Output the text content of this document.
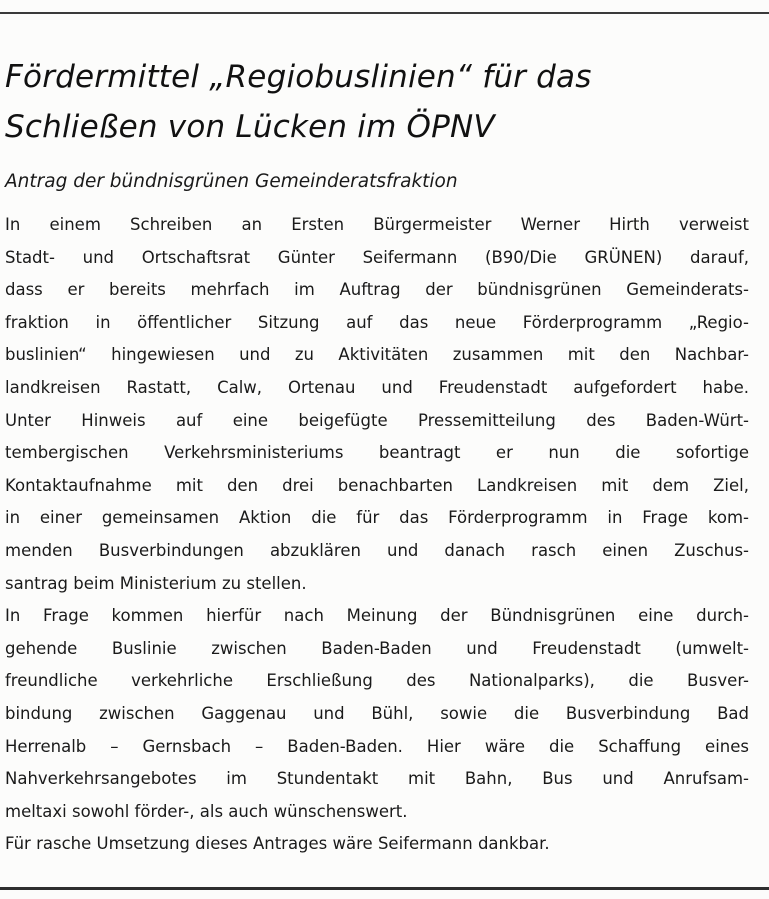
Fördermittel „Regiobuslinien“ für das
Schließen von Lücken im ÖPNV
Antrag der bündnisgrünen Gemeinderatsfraktion

In einem Schreiben an Ersten Bürgermeister Werner Hirth verweist
Stadt- und Ortschaftsrat Günter Seifermann (B90/Die GRÜNEN) darauf,
dass er bereits mehrfach im Auftrag der bündnisgrünen Gemeinderats-
fraktion in öffentlicher Sitzung auf das neue Förderprogramm „Regio-
buslinien“ hingewiesen und zu Aktivitäten zusammen mit den Nachbar-
landkreisen Rastatt, Calw, Ortenau und Freudenstadt aufgefordert habe.
Unter Hinweis auf eine beigefügte Pressemitteilung des Baden-Würt-
tembergischen Verkehrsministeriums beantragt er nun die sofortige
Kontaktaufnahme mit den drei benachbarten Landkreisen mit dem Ziel,
in einer gemeinsamen Aktion die für das Förderprogramm in Frage kom-
menden Busverbindungen abzuklären und danach rasch einen Zuschus-
santrag beim Ministerium zu stellen.

In Frage kommen hierfür nach Meinung der Bündnisgrünen eine durch-
gehende Buslinie zwischen Baden-Baden und Freudenstadt (umwelt-
freundliche verkehrliche Erschließung des Nationalparks), die Busver-
bindung zwischen Gaggenau und Bühl, sowie die Busverbindung Bad
Herrenalb – Gernsbach – Baden-Baden. Hier wäre die Schaffung eines
Nahverkehrsangebotes im Stundentakt mit Bahn, Bus und Anrufsam-
meltaxi sowohl förder-, als auch wünschenswert.

Für rasche Umsetzung dieses Antrages wäre Seifermann dankbar.
